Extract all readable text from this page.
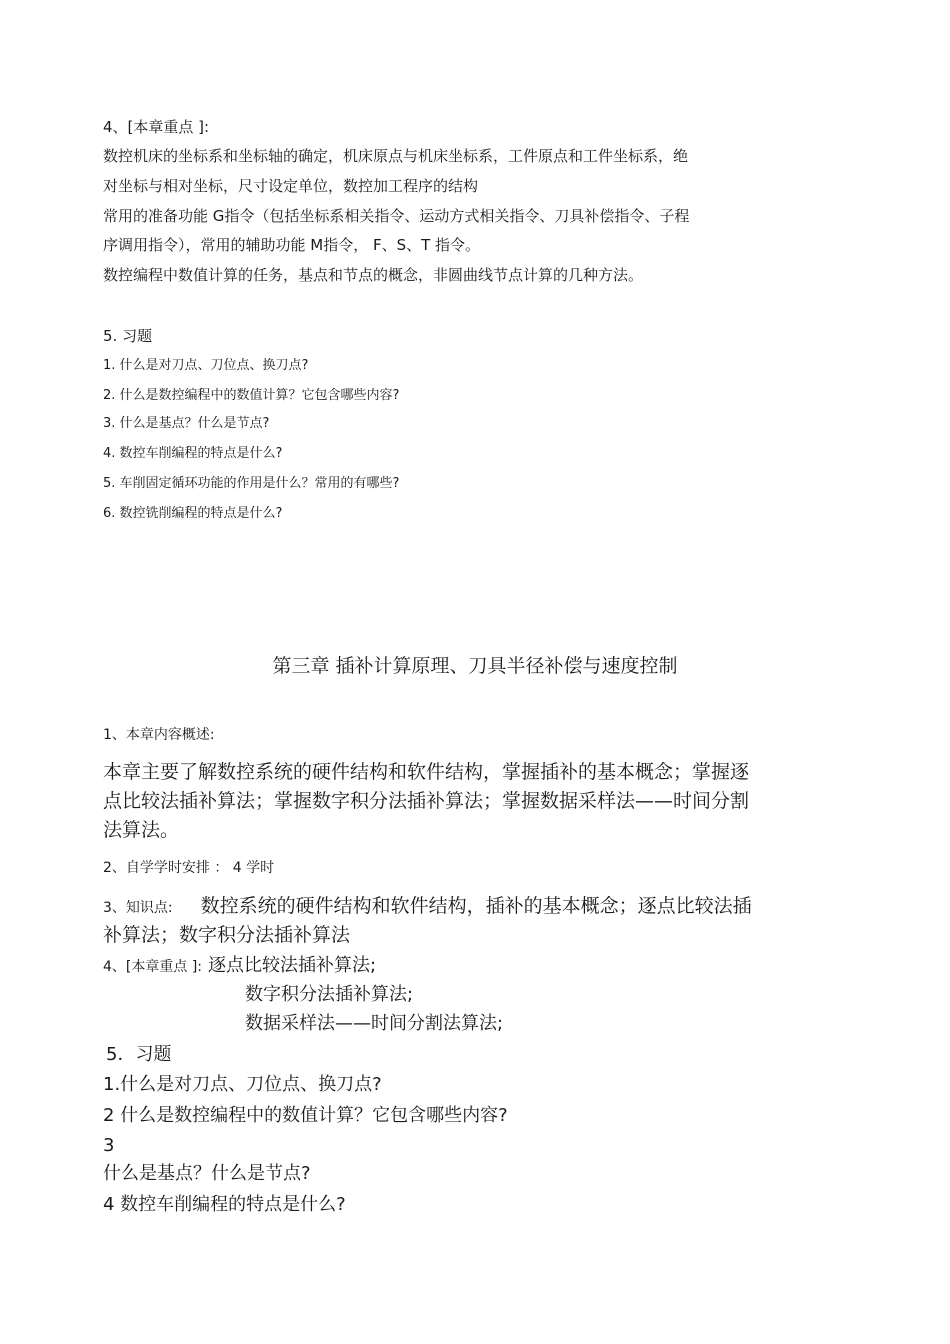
4、[本章重点 ]:
数控机床的坐标系和坐标轴的确定，机床原点与机床坐标系，工件原点和工件坐标系，绝
对坐标与相对坐标，尺寸设定单位，数控加工程序的结构
常用的准备功能 G指令（包括坐标系相关指令、运动方式相关指令、刀具补偿指令、子程
序调用指令），常用的辅助功能 M指令， F、S、T 指令。
数控编程中数值计算的任务，基点和节点的概念，非圆曲线节点计算的几种方法。
5. 习题
1. 什么是对刀点、刀位点、换刀点?
2. 什么是数控编程中的数值计算？它包含哪些内容?
3. 什么是基点？什么是节点?
4. 数控车削编程的特点是什么?
5. 车削固定循环功能的作用是什么？常用的有哪些?
6. 数控铣削编程的特点是什么?
第三章 插补计算原理、刀具半径补偿与速度控制
1、本章内容概述:
本章主要了解数控系统的硬件结构和软件结构，掌握插补的基本概念；掌握逐
点比较法插补算法；掌握数字积分法插补算法；掌握数据采样法——时间分割
法算法。
2、自学学时安排 ： 4 学时
3、知识点: 数控系统的硬件结构和软件结构，插补的基本概念；逐点比较法插
补算法；数字积分法插补算法
4、[本章重点 ]: 逐点比较法插补算法;
数字积分法插补算法;
数据采样法——时间分割法算法;
5．习题
1.什么是对刀点、刀位点、换刀点?
2 什么是数控编程中的数值计算？它包含哪些内容?
3
什么是基点？什么是节点?
4 数控车削编程的特点是什么?
